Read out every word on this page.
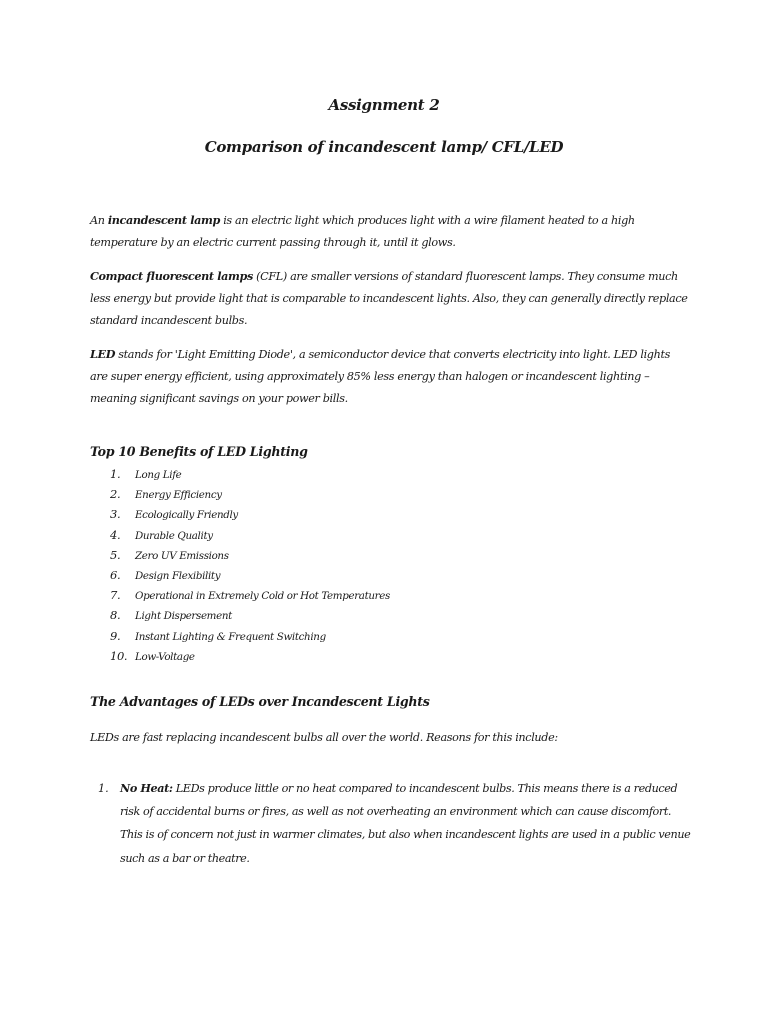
Assignment 2
Comparison of incandescent lamp/ CFL/LED
An incandescent lamp is an electric light which produces light with a wire filament heated to a high temperature by an electric current passing through it, until it glows.
Compact fluorescent lamps (CFL) are smaller versions of standard fluorescent lamps. They consume much less energy but provide light that is comparable to incandescent lights. Also, they can generally directly replace standard incandescent bulbs.
LED stands for 'Light Emitting Diode', a semiconductor device that converts electricity into light. LED lights are super energy efficient, using approximately 85% less energy than halogen or incandescent lighting – meaning significant savings on your power bills.
Top 10 Benefits of LED Lighting
1. Long Life
2. Energy Efficiency
3. Ecologically Friendly
4. Durable Quality
5. Zero UV Emissions
6. Design Flexibility
7. Operational in Extremely Cold or Hot Temperatures
8. Light Dispersement
9. Instant Lighting & Frequent Switching
10. Low-Voltage
The Advantages of LEDs over Incandescent Lights
LEDs are fast replacing incandescent bulbs all over the world. Reasons for this include:
1. No Heat: LEDs produce little or no heat compared to incandescent bulbs. This means there is a reduced risk of accidental burns or fires, as well as not overheating an environment which can cause discomfort. This is of concern not just in warmer climates, but also when incandescent lights are used in a public venue such as a bar or theatre.
